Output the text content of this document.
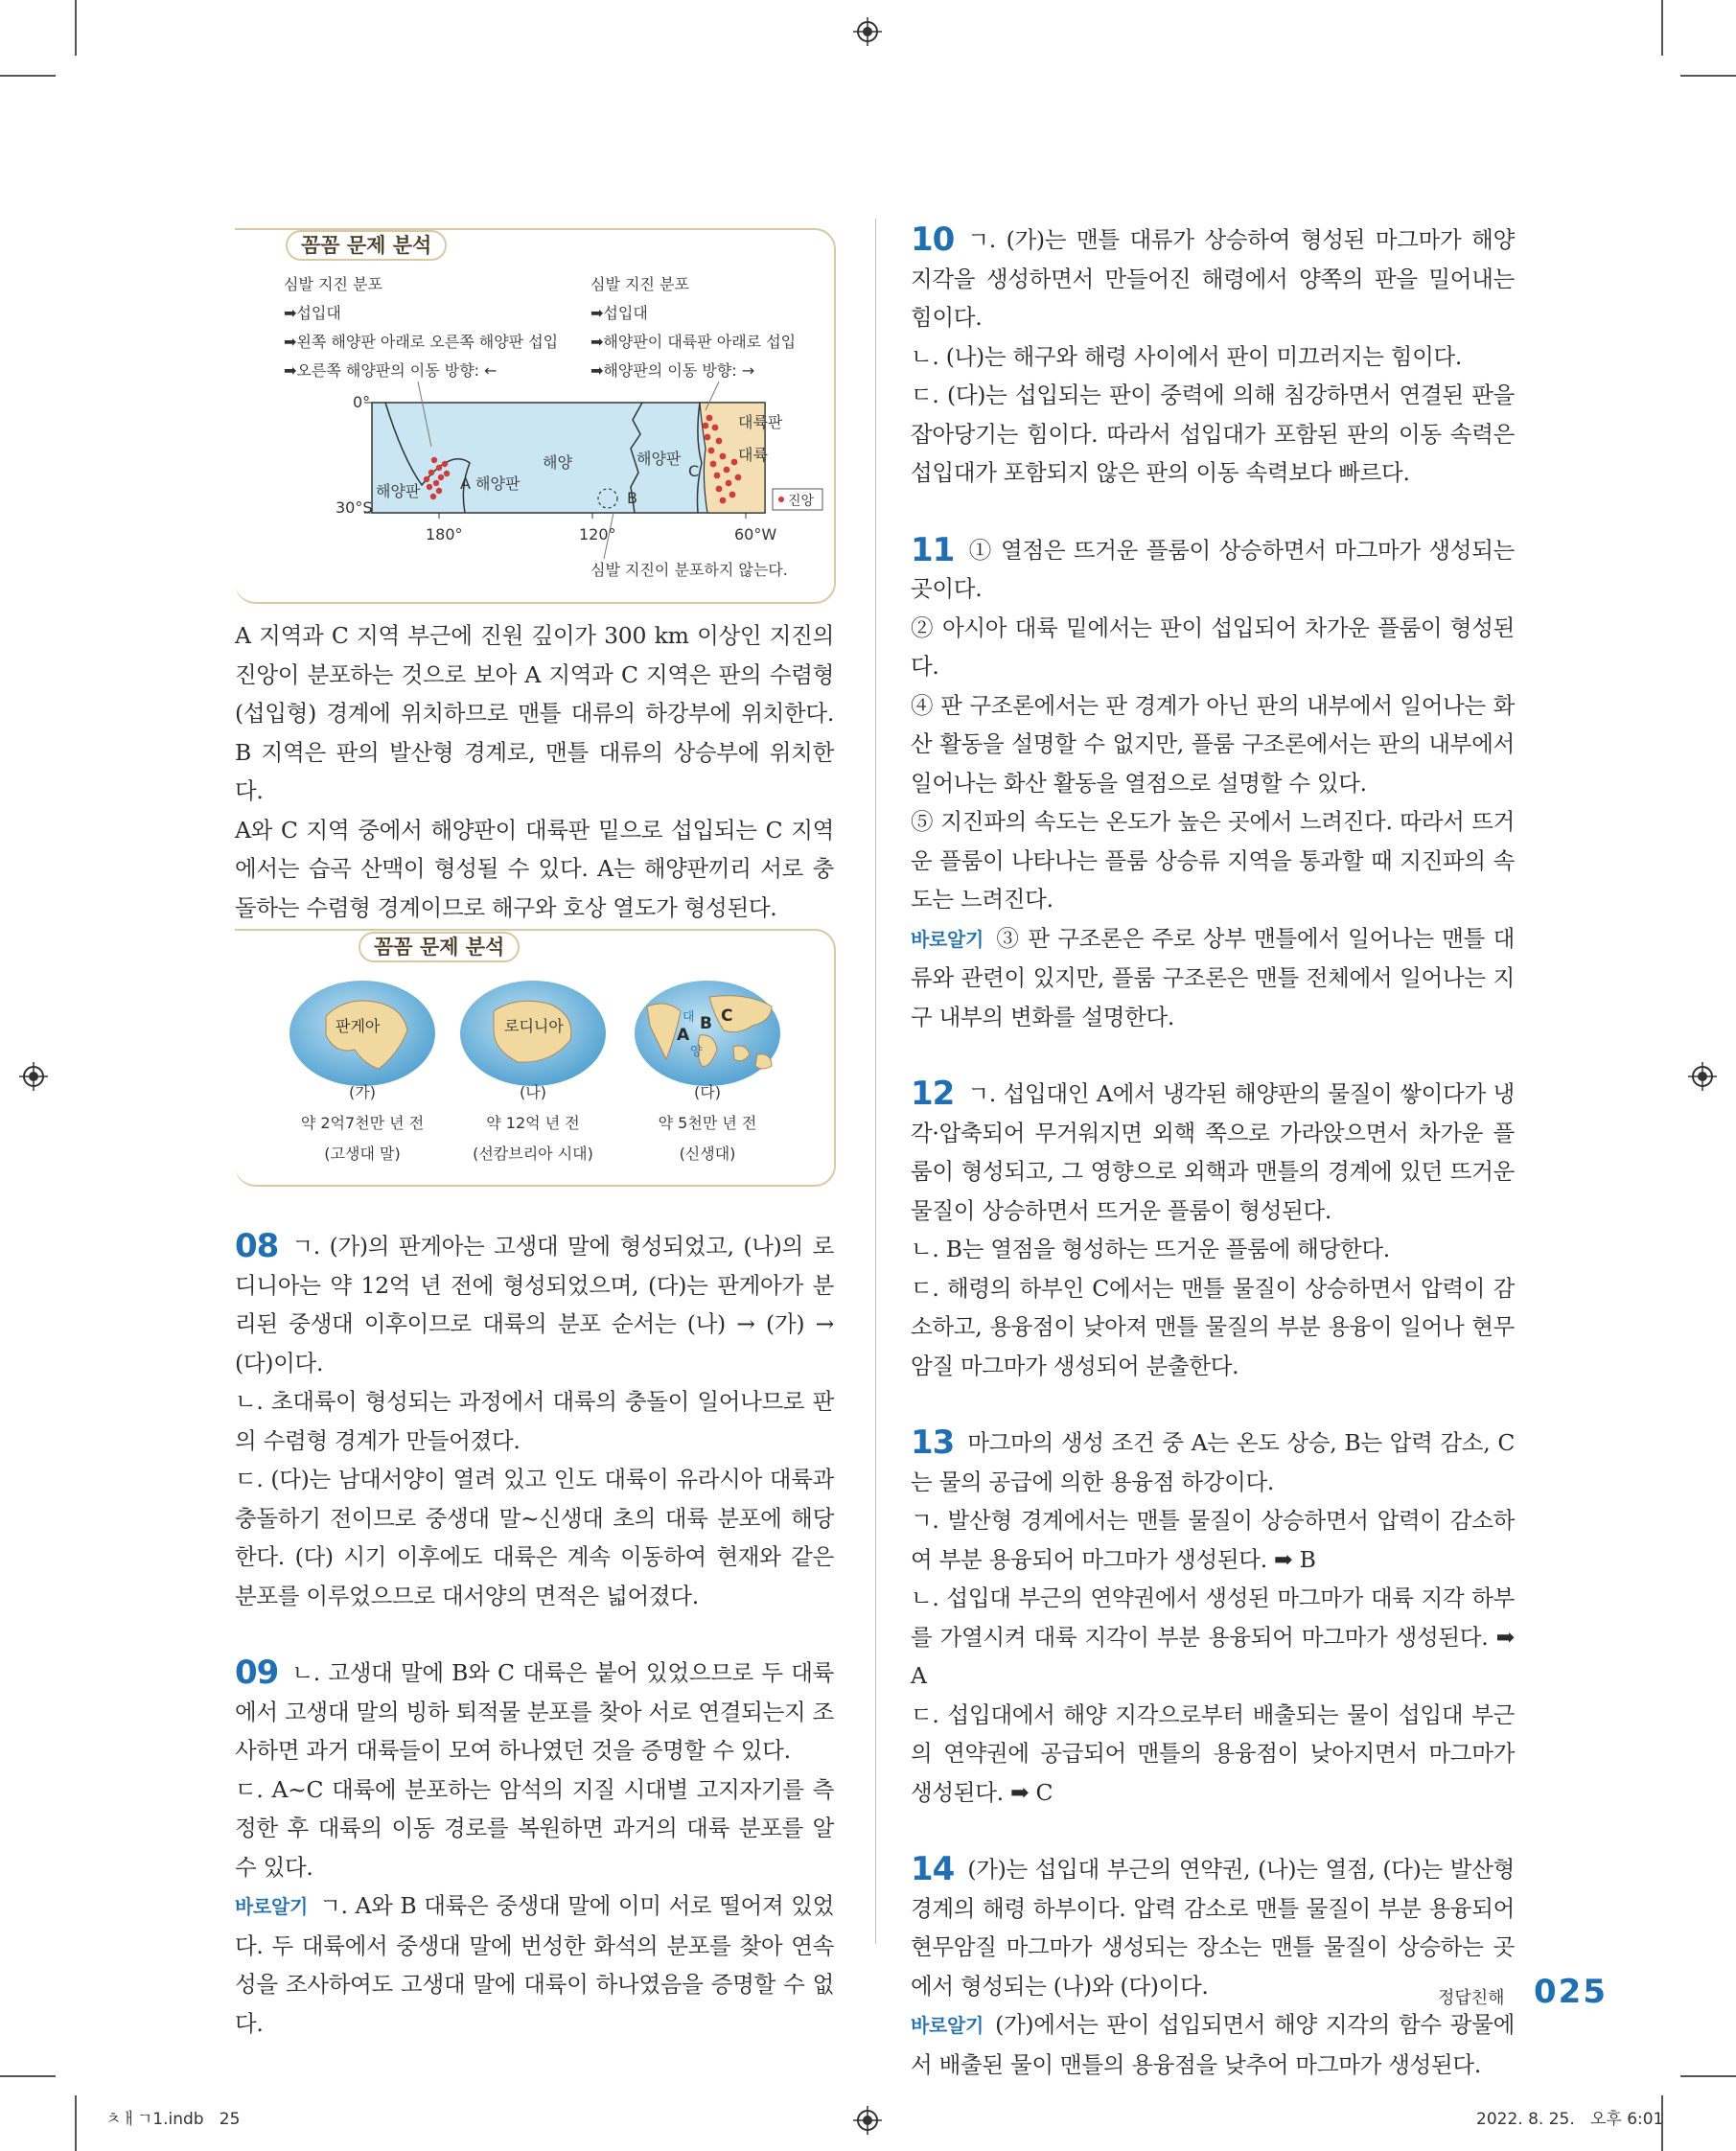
꼼꼼 문제 분석
심발 지진 분포
➡섭입대
➡왼쪽 해양판 아래로 오른쪽 해양판 섭입
➡오른쪽 해양판의 이동 방향: ←
심발 지진 분포
➡섭입대
➡해양판이 대륙판 아래로 섭입
➡해양판의 이동 방향: →
0°
30°S
180°	120°	60°W
해양판	A 해양판
해양	해양판
B
C
대륙판
대륙
진앙
심발 지진이 분포하지 않는다.

A 지역과 C 지역 부근에 진원 깊이가 300 km 이상인 지진의 진앙이 분포하는 것으로 보아 A 지역과 C 지역은 판의 수렴형 (섭입형) 경계에 위치하므로 맨틀 대류의 하강부에 위치한다. B 지역은 판의 발산형 경계로, 맨틀 대류의 상승부에 위치한다.

A와 C 지역 중에서 해양판이 대륙판 밑으로 섭입되는 C 지역에서는 습곡 산맥이 형성될 수 있다. A는 해양판끼리 서로 충돌하는 수렴형 경계이므로 해구와 호상 열도가 형성된다.

꼼꼼 문제 분석
판게아	로디니아	A
B C
대
양
(가)
약 2억7천만 년 전
(고생대 말)
(나)
약 12억 년 전
(선캄브리아 시대)
(다)
약 5천만 년 전
(신생대)

08 ㄱ. (가)의 판게아는 고생대 말에 형성되었고, (나)의 로디니아는 약 12억 년 전에 형성되었으며, (다)는 판게아가 분리된 중생대 이후이므로 대륙의 분포 순서는 (나) → (가) → (다)이다.

ㄴ. 초대륙이 형성되는 과정에서 대륙의 충돌이 일어나므로 판의 수렴형 경계가 만들어졌다.

ㄷ. (다)는 남대서양이 열려 있고 인도 대륙이 유라시아 대륙과 충돌하기 전이므로 중생대 말~신생대 초의 대륙 분포에 해당한다. (다) 시기 이후에도 대륙은 계속 이동하여 현재와 같은 분포를 이루었으므로 대서양의 면적은 넓어졌다.

09 ㄴ. 고생대 말에 B와 C 대륙은 붙어 있었으므로 두 대륙에서 고생대 말의 빙하 퇴적물 분포를 찾아 서로 연결되는지 조사하면 과거 대륙들이 모여 하나였던 것을 증명할 수 있다.

ㄷ. A~C 대륙에 분포하는 암석의 지질 시대별 고지자기를 측정한 후 대륙의 이동 경로를 복원하면 과거의 대륙 분포를 알 수 있다.

바로알기 ㄱ. A와 B 대륙은 중생대 말에 이미 서로 떨어져 있었다. 두 대륙에서 중생대 말에 번성한 화석의 분포를 찾아 연속성을 조사하여도 고생대 말에 대륙이 하나였음을 증명할 수 없다.

10 ㄱ. (가)는 맨틀 대류가 상승하여 형성된 마그마가 해양 지각을 생성하면서 만들어진 해령에서 양쪽의 판을 밀어내는 힘이다.

ㄴ. (나)는 해구와 해령 사이에서 판이 미끄러지는 힘이다.

ㄷ. (다)는 섭입되는 판이 중력에 의해 침강하면서 연결된 판을 잡아당기는 힘이다. 따라서 섭입대가 포함된 판의 이동 속력은 섭입대가 포함되지 않은 판의 이동 속력보다 빠르다.

11 ① 열점은 뜨거운 플룸이 상승하면서 마그마가 생성되는 곳이다.

② 아시아 대륙 밑에서는 판이 섭입되어 차가운 플룸이 형성된다.

④ 판 구조론에서는 판 경계가 아닌 판의 내부에서 일어나는 화산 활동을 설명할 수 없지만, 플룸 구조론에서는 판의 내부에서 일어나는 화산 활동을 열점으로 설명할 수 있다.

⑤ 지진파의 속도는 온도가 높은 곳에서 느려진다. 따라서 뜨거운 플룸이 나타나는 플룸 상승류 지역을 통과할 때 지진파의 속도는 느려진다.

바로알기 ③ 판 구조론은 주로 상부 맨틀에서 일어나는 맨틀 대류와 관련이 있지만, 플룸 구조론은 맨틀 전체에서 일어나는 지구 내부의 변화를 설명한다.

12 ㄱ. 섭입대인 A에서 냉각된 해양판의 물질이 쌓이다가 냉각·압축되어 무거워지면 외핵 쪽으로 가라앉으면서 차가운 플룸이 형성되고, 그 영향으로 외핵과 맨틀의 경계에 있던 뜨거운 물질이 상승하면서 뜨거운 플룸이 형성된다.

ㄴ. B는 열점을 형성하는 뜨거운 플룸에 해당한다.

ㄷ. 해령의 하부인 C에서는 맨틀 물질이 상승하면서 압력이 감소하고, 용융점이 낮아져 맨틀 물질의 부분 용융이 일어나 현무암질 마그마가 생성되어 분출한다.

13 마그마의 생성 조건 중 A는 온도 상승, B는 압력 감소, C는 물의 공급에 의한 용융점 하강이다.

ㄱ. 발산형 경계에서는 맨틀 물질이 상승하면서 압력이 감소하여 부분 용융되어 마그마가 생성된다. ➡ B

ㄴ. 섭입대 부근의 연약권에서 생성된 마그마가 대륙 지각 하부를 가열시켜 대륙 지각이 부분 용융되어 마그마가 생성된다. ➡ A

ㄷ. 섭입대에서 해양 지각으로부터 배출되는 물이 섭입대 부근의 연약권에 공급되어 맨틀의 용융점이 낮아지면서 마그마가 생성된다. ➡ C

14 (가)는 섭입대 부근의 연약권, (나)는 열점, (다)는 발산형 경계의 해령 하부이다. 압력 감소로 맨틀 물질이 부분 용융되어 현무암질 마그마가 생성되는 장소는 맨틀 물질이 상승하는 곳에서 형성되는 (나)와 (다)이다.

바로알기 (가)에서는 판이 섭입되면서 해양 지각의 함수 광물에서 배출된 물이 맨틀의 용융점을 낮추어 마그마가 생성된다.

정답친해 025
ㅊㅐㄱ1.indb   25	2022. 8. 25.   오후 6:01
